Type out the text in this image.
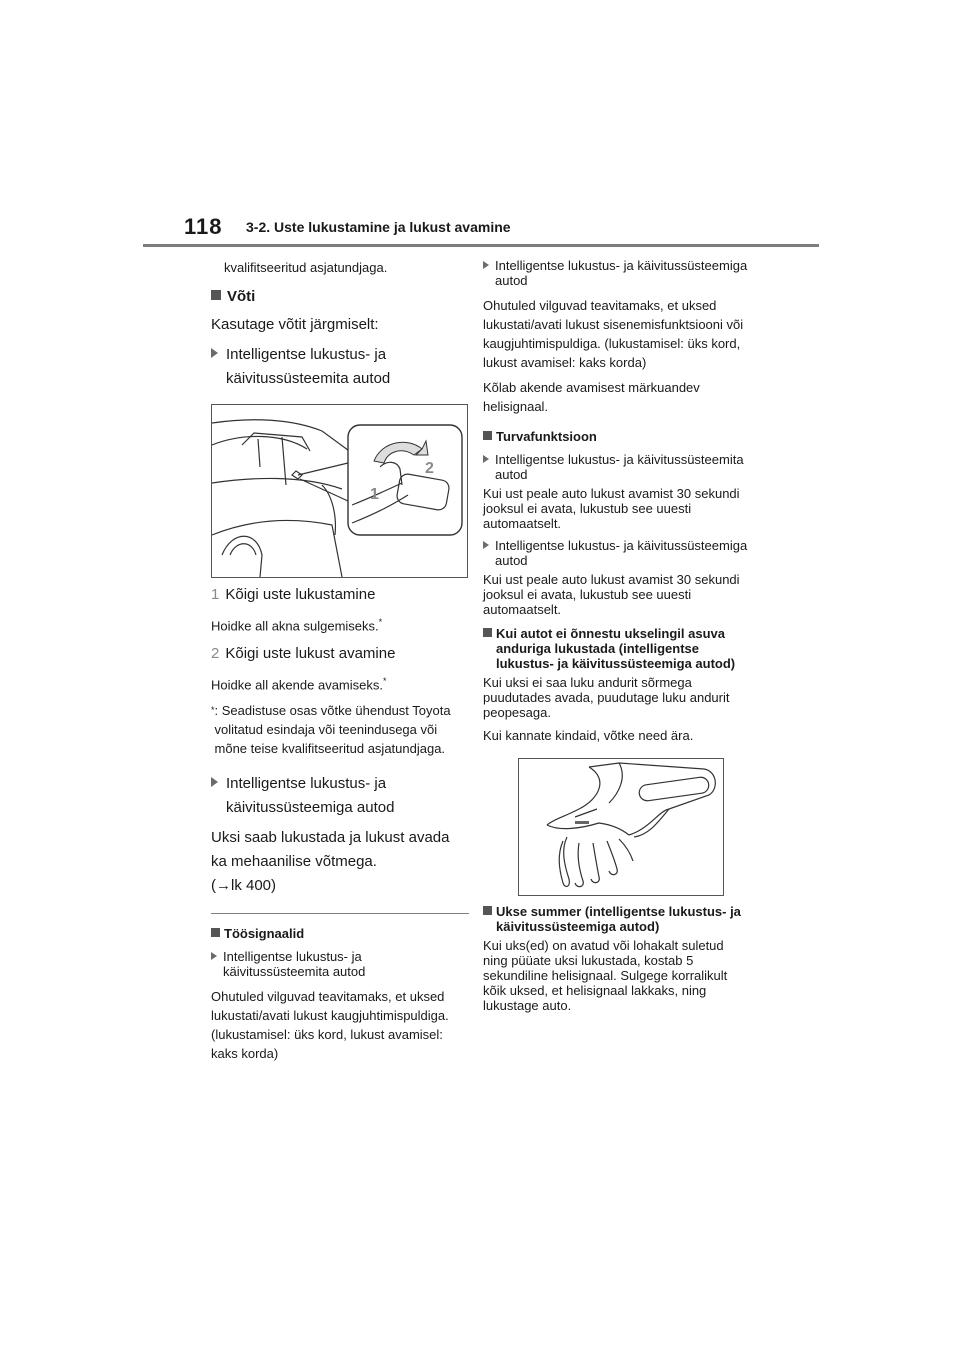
118 3-2. Uste lukustamine ja lukust avamine

kvalifitseeritud asjatundjaga.

Võti

Kasutage võtit järgmiselt:

Intelligentse lukustus- ja käivitussüsteemita autod
2
1

1 Kõigi uste lukustamine

Hoidke all akna sulgemiseks.*

2 Kõigi uste lukust avamine

Hoidke all akende avamiseks.*

* : Seadistuse osas võtke ühendust Toyota volitatud esindaja või teenindusega või mõne teise kvalifitseeritud asjatundjaga.
Intelligentse lukustus- ja käivitussüsteemiga autod

Uksi saab lukustada ja lukust avada ka mehaanilise võtmega.

(→lk 400)

Töösignaalid

Intelligentse lukustus- ja käivitussüsteemita autod

Ohutuled vilguvad teavitamaks, et uksed lukustati/avati lukust kaugjuhtimispuldiga. (lukustamisel: üks kord, lukust avamisel: kaks korda)

Intelligentse lukustus- ja käivitussüsteemiga autod

Ohutuled vilguvad teavitamaks, et uksed lukustati/avati lukust sisenemisfunktsiooni või kaugjuhtimispuldiga. (lukustamisel: üks kord, lukust avamisel: kaks korda)

Kõlab akende avamisest märkuandev helisignaal.

Turvafunktsioon

Intelligentse lukustus- ja käivitussüsteemita autod

Kui ust peale auto lukust avamist 30 sekundi jooksul ei avata, lukustub see uuesti automaatselt.

Intelligentse lukustus- ja käivitussüsteemiga autod

Kui ust peale auto lukust avamist 30 sekundi jooksul ei avata, lukustub see uuesti automaatselt.

Kui autot ei õnnestu ukselingil asuva anduriga lukustada (intelligentse lukustus- ja käivitussüsteemiga autod)

Kui uksi ei saa luku andurit sõrmega puudutades avada, puudutage luku andurit peopesaga.

Kui kannate kindaid, võtke need ära.

Ukse summer (intelligentse lukustus- ja käivitussüsteemiga autod)

Kui uks(ed) on avatud või lohakalt suletud ning püüate uksi lukustada, kostab 5 sekundiline helisignaal. Sulgege korralikult kõik uksed, et helisignaal lakkaks, ning lukustage auto.
